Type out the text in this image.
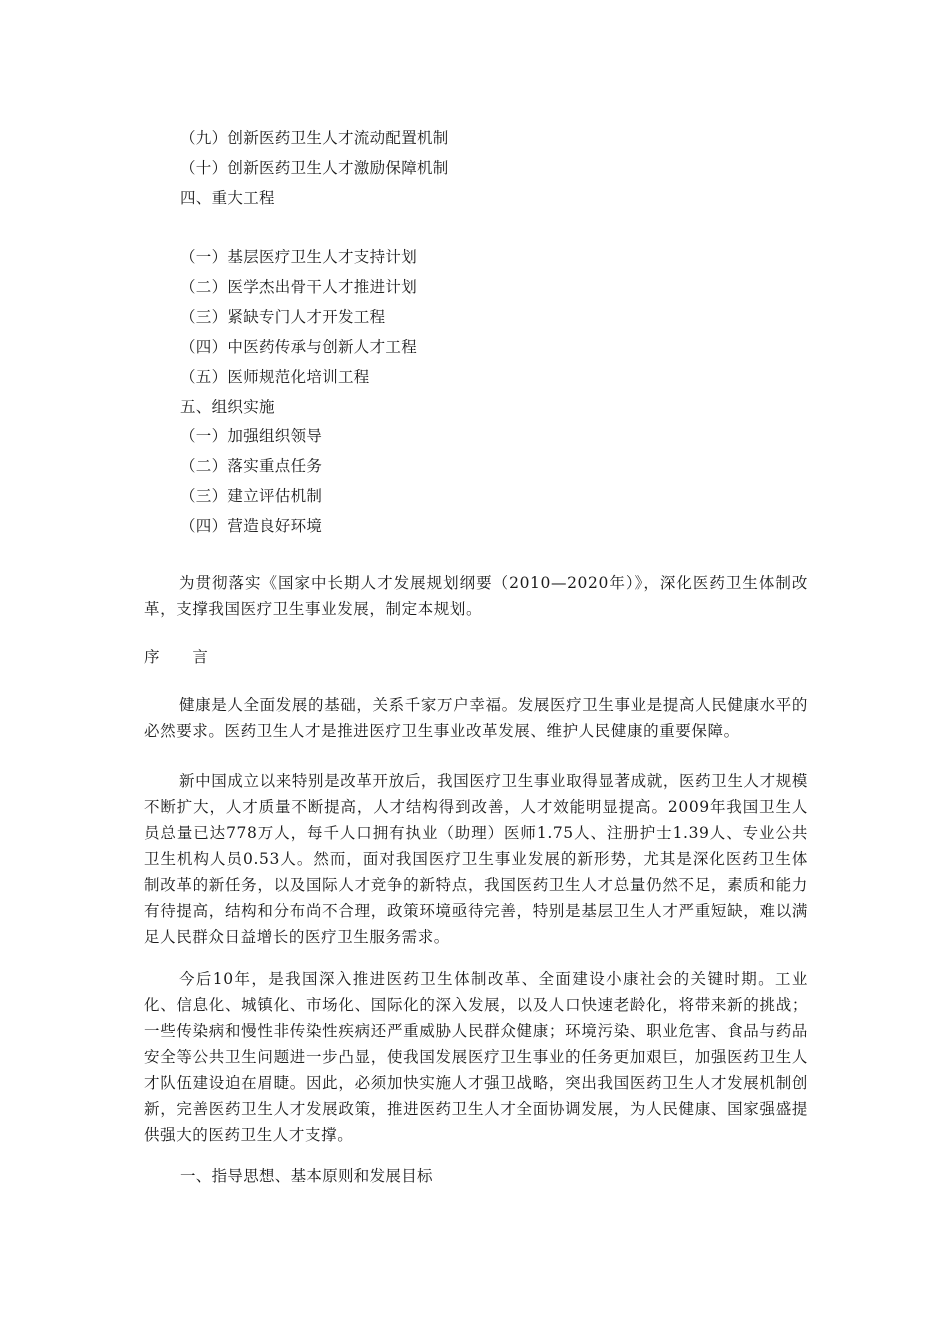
（九）创新医药卫生人才流动配置机制
（十）创新医药卫生人才激励保障机制
四、重大工程
（一）基层医疗卫生人才支持计划
（二）医学杰出骨干人才推进计划
（三）紧缺专门人才开发工程
（四）中医药传承与创新人才工程
（五）医师规范化培训工程
五、组织实施
（一）加强组织领导
（二）落实重点任务
（三）建立评估机制
（四）营造良好环境
为贯彻落实《国家中长期人才发展规划纲要（2010—2020年）》，深化医药卫生体制改革，支撑我国医疗卫生事业发展，制定本规划。
序 言
健康是人全面发展的基础，关系千家万户幸福。发展医疗卫生事业是提高人民健康水平的必然要求。医药卫生人才是推进医疗卫生事业改革发展、维护人民健康的重要保障。
新中国成立以来特别是改革开放后，我国医疗卫生事业取得显著成就，医药卫生人才规模不断扩大，人才质量不断提高，人才结构得到改善，人才效能明显提高。2009年我国卫生人员总量已达778万人，每千人口拥有执业（助理）医师1.75人、注册护士1.39人、专业公共卫生机构人员0.53人。然而，面对我国医疗卫生事业发展的新形势，尤其是深化医药卫生体制改革的新任务，以及国际人才竞争的新特点，我国医药卫生人才总量仍然不足，素质和能力有待提高，结构和分布尚不合理，政策环境亟待完善，特别是基层卫生人才严重短缺，难以满足人民群众日益增长的医疗卫生服务需求。
今后10年，是我国深入推进医药卫生体制改革、全面建设小康社会的关键时期。工业化、信息化、城镇化、市场化、国际化的深入发展，以及人口快速老龄化，将带来新的挑战；一些传染病和慢性非传染性疾病还严重威胁人民群众健康；环境污染、职业危害、食品与药品安全等公共卫生问题进一步凸显，使我国发展医疗卫生事业的任务更加艰巨，加强医药卫生人才队伍建设迫在眉睫。因此，必须加快实施人才强卫战略，突出我国医药卫生人才发展机制创新，完善医药卫生人才发展政策，推进医药卫生人才全面协调发展，为人民健康、国家强盛提供强大的医药卫生人才支撑。
一、指导思想、基本原则和发展目标
